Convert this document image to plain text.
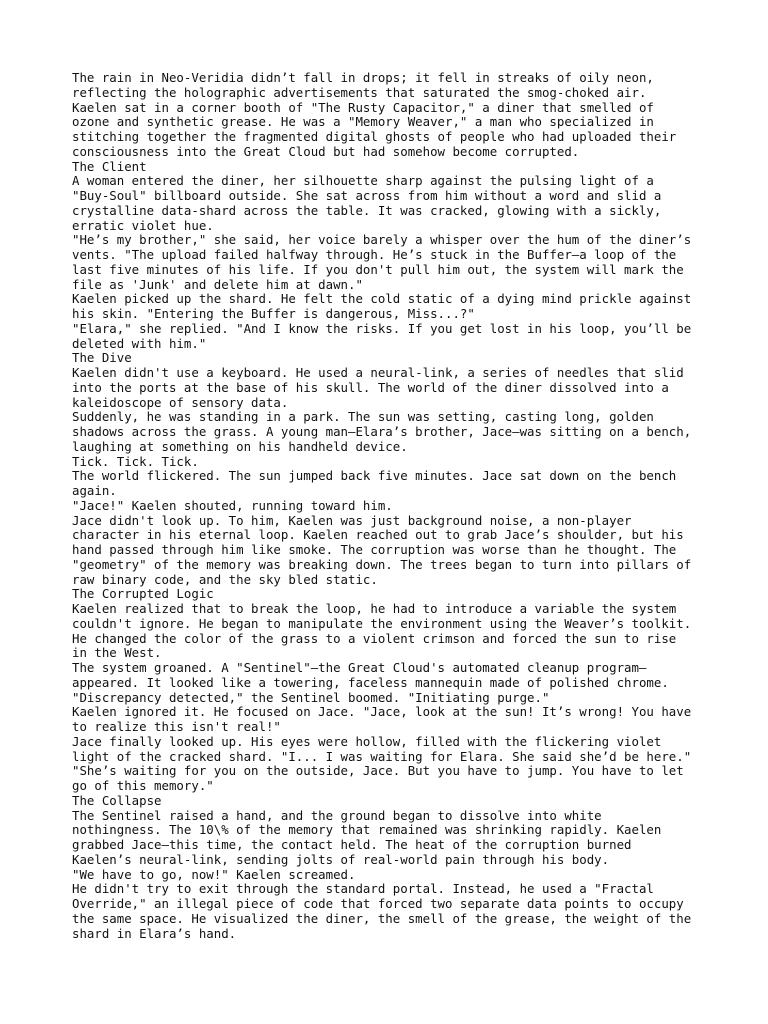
The rain in Neo-Veridia didn’t fall in drops; it fell in streaks of oily neon,
reflecting the holographic advertisements that saturated the smog-choked air.
Kaelen sat in a corner booth of "The Rusty Capacitor," a diner that smelled of
ozone and synthetic grease. He was a "Memory Weaver," a man who specialized in
stitching together the fragmented digital ghosts of people who had uploaded their
consciousness into the Great Cloud but had somehow become corrupted.
The Client
A woman entered the diner, her silhouette sharp against the pulsing light of a
"Buy-Soul" billboard outside. She sat across from him without a word and slid a
crystalline data-shard across the table. It was cracked, glowing with a sickly,
erratic violet hue.
"He’s my brother," she said, her voice barely a whisper over the hum of the diner’s
vents. "The upload failed halfway through. He’s stuck in the Buffer—a loop of the
last five minutes of his life. If you don't pull him out, the system will mark the
file as 'Junk' and delete him at dawn."
Kaelen picked up the shard. He felt the cold static of a dying mind prickle against
his skin. "Entering the Buffer is dangerous, Miss...?"
"Elara," she replied. "And I know the risks. If you get lost in his loop, you’ll be
deleted with him."
The Dive
Kaelen didn't use a keyboard. He used a neural-link, a series of needles that slid
into the ports at the base of his skull. The world of the diner dissolved into a
kaleidoscope of sensory data.
Suddenly, he was standing in a park. The sun was setting, casting long, golden
shadows across the grass. A young man—Elara’s brother, Jace—was sitting on a bench,
laughing at something on his handheld device.
Tick. Tick. Tick.
The world flickered. The sun jumped back five minutes. Jace sat down on the bench
again.
"Jace!" Kaelen shouted, running toward him.
Jace didn't look up. To him, Kaelen was just background noise, a non-player
character in his eternal loop. Kaelen reached out to grab Jace’s shoulder, but his
hand passed through him like smoke. The corruption was worse than he thought. The
"geometry" of the memory was breaking down. The trees began to turn into pillars of
raw binary code, and the sky bled static.
The Corrupted Logic
Kaelen realized that to break the loop, he had to introduce a variable the system
couldn't ignore. He began to manipulate the environment using the Weaver’s toolkit.
He changed the color of the grass to a violent crimson and forced the sun to rise
in the West.
The system groaned. A "Sentinel"—the Great Cloud's automated cleanup program—
appeared. It looked like a towering, faceless mannequin made of polished chrome.
"Discrepancy detected," the Sentinel boomed. "Initiating purge."
Kaelen ignored it. He focused on Jace. "Jace, look at the sun! It’s wrong! You have
to realize this isn't real!"
Jace finally looked up. His eyes were hollow, filled with the flickering violet
light of the cracked shard. "I... I was waiting for Elara. She said she’d be here."
"She’s waiting for you on the outside, Jace. But you have to jump. You have to let
go of this memory."
The Collapse
The Sentinel raised a hand, and the ground began to dissolve into white
nothingness. The 10\% of the memory that remained was shrinking rapidly. Kaelen
grabbed Jace—this time, the contact held. The heat of the corruption burned
Kaelen’s neural-link, sending jolts of real-world pain through his body.
"We have to go, now!" Kaelen screamed.
He didn't try to exit through the standard portal. Instead, he used a "Fractal
Override," an illegal piece of code that forced two separate data points to occupy
the same space. He visualized the diner, the smell of the grease, the weight of the
shard in Elara’s hand.
